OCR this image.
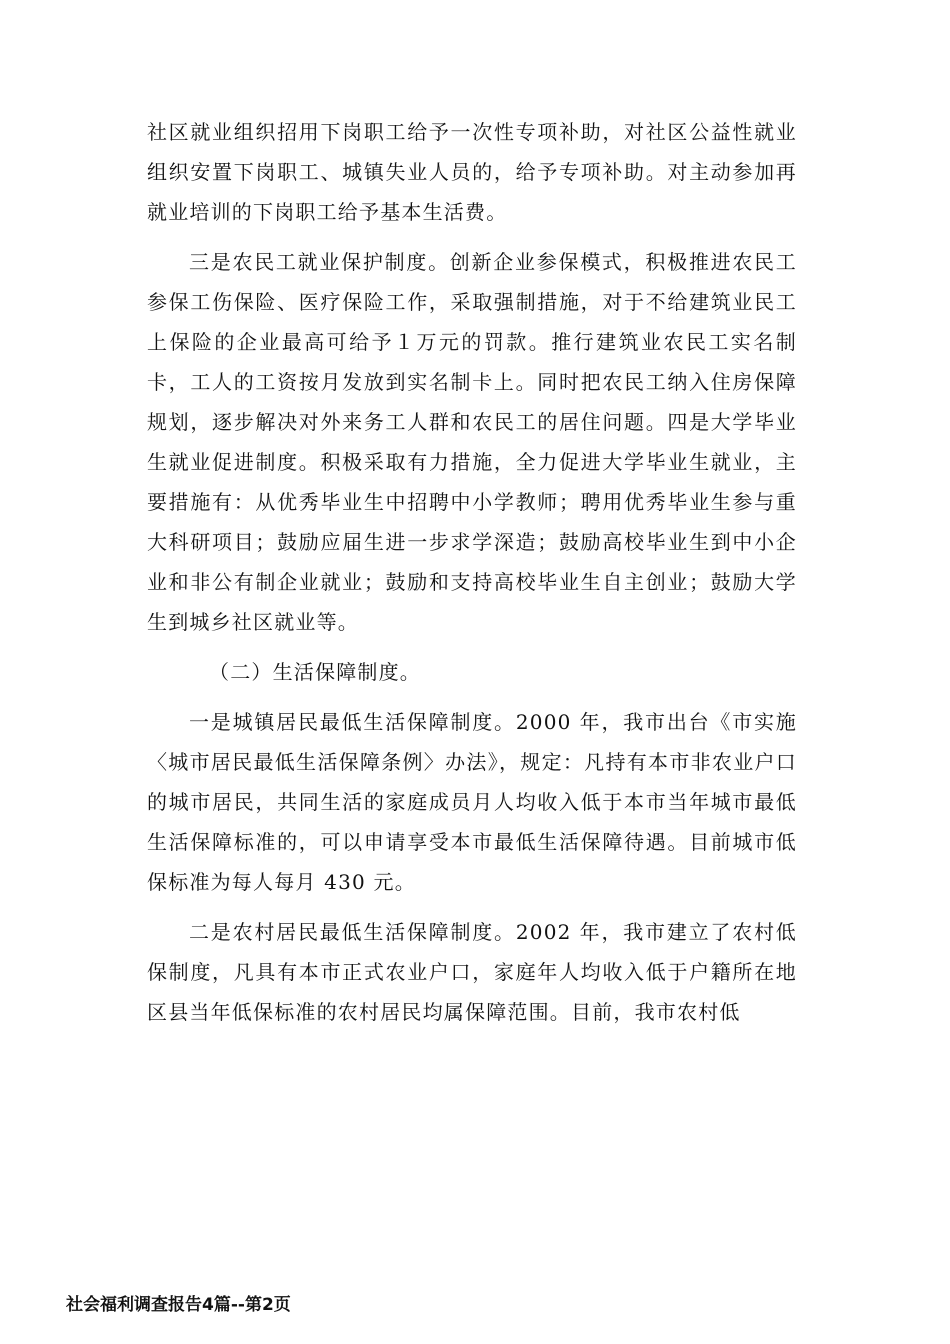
社区就业组织招用下岗职工给予一次性专项补助，对社区公益性就业组织安置下岗职工、城镇失业人员的，给予专项补助。对主动参加再就业培训的下岗职工给予基本生活费。

三是农民工就业保护制度。创新企业参保模式，积极推进农民工参保工伤保险、医疗保险工作，采取强制措施，对于不给建筑业民工上保险的企业最高可给予１万元的罚款。推行建筑业农民工实名制卡，工人的工资按月发放到实名制卡上。同时把农民工纳入住房保障规划，逐步解决对外来务工人群和农民工的居住问题。四是大学毕业生就业促进制度。积极采取有力措施，全力促进大学毕业生就业，主要措施有：从优秀毕业生中招聘中小学教师；聘用优秀毕业生参与重大科研项目；鼓励应届生进一步求学深造；鼓励高校毕业生到中小企业和非公有制企业就业；鼓励和支持高校毕业生自主创业；鼓励大学生到城乡社区就业等。

（二）生活保障制度。

一是城镇居民最低生活保障制度。2000 年，我市出台《市实施〈城市居民最低生活保障条例〉办法》，规定：凡持有本市非农业户口的城市居民，共同生活的家庭成员月人均收入低于本市当年城市最低生活保障标准的，可以申请享受本市最低生活保障待遇。目前城市低保标准为每人每月 430 元。

二是农村居民最低生活保障制度。2002 年，我市建立了农村低保制度，凡具有本市正式农业户口，家庭年人均收入低于户籍所在地区县当年低保标准的农村居民均属保障范围。目前，我市农村低

社会福利调查报告4篇--第2页
